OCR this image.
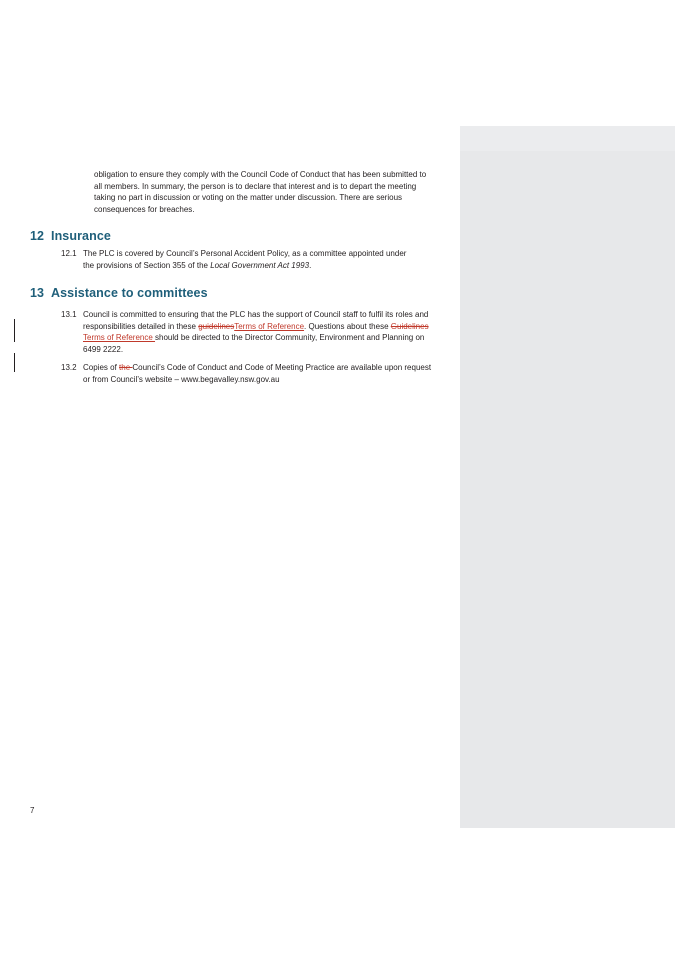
obligation to ensure they comply with the Council Code of Conduct that has been submitted to
all members. In summary, the person is to declare that interest and is to depart the meeting
taking no part in discussion or voting on the matter under discussion. There are serious
consequences for breaches.
12 Insurance
12.1 The PLC is covered by Council’s Personal Accident Policy, as a committee appointed under
the provisions of Section 355 of the Local Government Act 1993.
13 Assistance to committees
13.1 Council is committed to ensuring that the PLC has the support of Council staff to fulfil its roles and
responsibilities detailed in these guidelinesTerms of Reference. Questions about these Guidelines
Terms of Reference should be directed to the Director Community, Environment and Planning on
6499 2222.
13.2 Copies of the Council’s Code of Conduct and Code of Meeting Practice are available upon request
or from Council’s website – www.begavalley.nsw.gov.au
7
